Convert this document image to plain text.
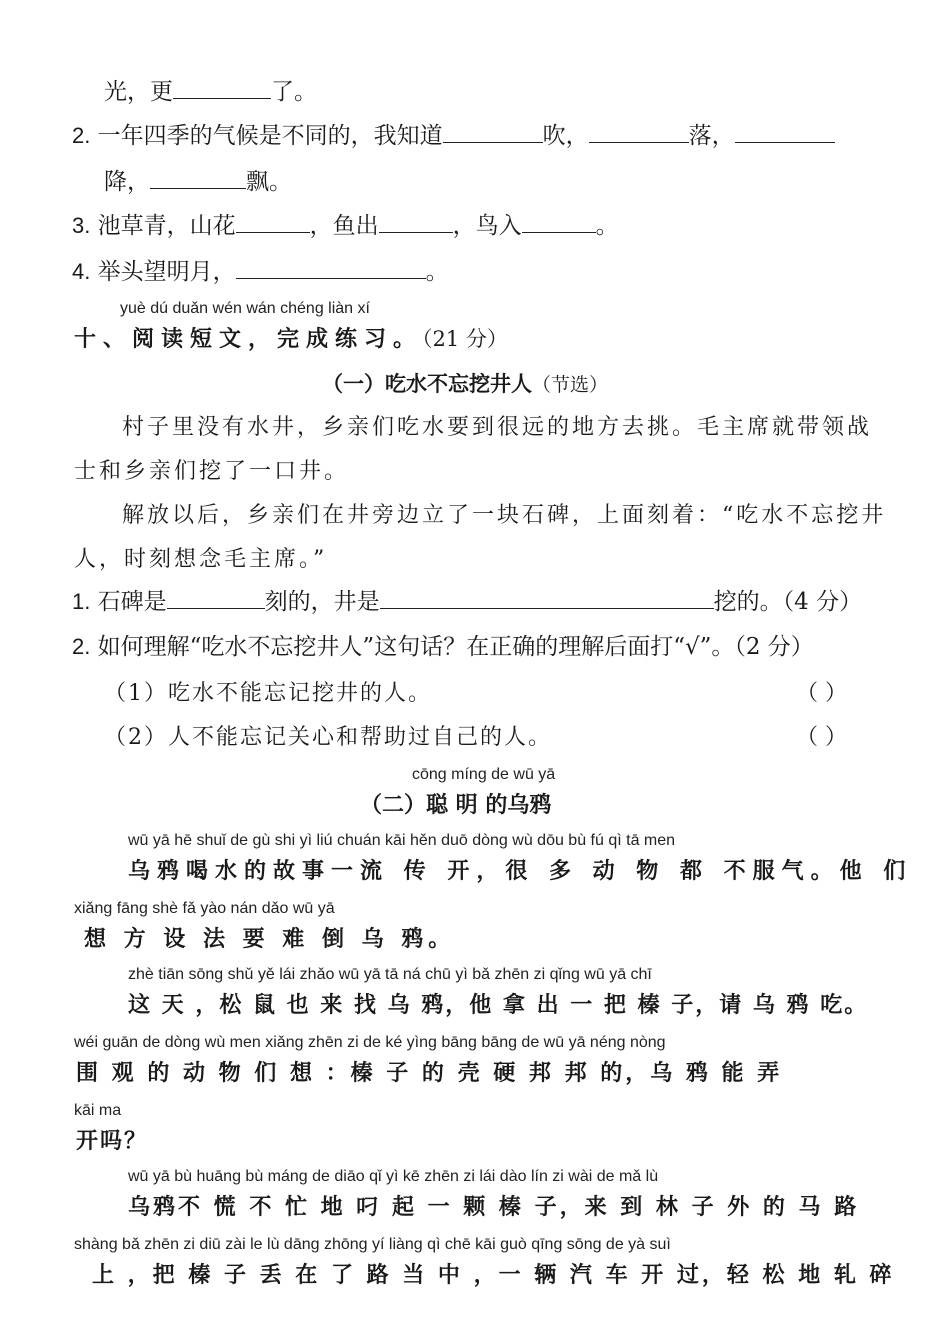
光，更	了。
2. 一年四季的气候是不同的，我知道	吹，	落，
降，	飘。
3. 池草青，山花	，鱼出	，鸟入	。
4. 举头望明月，	。
yuè dú duǎn wén wán chéng liàn xí
十、阅读短文，完成练习。（21 分）
（一）吃水不忘挖井人（节选）
村子里没有水井，乡亲们吃水要到很远的地方去挑。毛主席就带领战
士和乡亲们挖了一口井。
解放以后，乡亲们在井旁边立了一块石碑，上面刻着：“吃水不忘挖井
人，时刻想念毛主席。”
1. 石碑是	刻的，井是	挖的。（4 分）
2. 如何理解“吃水不忘挖井人”这句话？在正确的理解后面打“√”。（2 分）
（1）吃水不能忘记挖井的人。	（ ）
（2）人不能忘记关心和帮助过自己的人。	（ ）
cōng míng de wū yā
（二）聪 明 的乌鸦
wū yā hē shuǐ de gù shi yì liú chuán kāi hěn duō dòng wù dōu bù fú qì tā men
乌鸦喝水的故事一流 传 开，很 多 动 物 都 不服气。他 们
xiǎng fāng shè fǎ yào nán dǎo wū yā
想 方 设 法 要 难 倒 乌 鸦。
zhè tiān sōng shǔ yě lái zhǎo wū yā tā ná chū yì bǎ zhēn zi qǐng wū yā chī
这 天 ，松 鼠 也 来 找 乌 鸦，他 拿 出 一 把 榛 子，请 乌 鸦 吃。
wéi guān de dòng wù men xiǎng zhēn zi de ké yìng bāng bāng de wū yā néng nòng
围 观 的 动 物 们 想 ：榛 子 的 壳 硬 邦 邦 的，乌 鸦 能 弄
kāi ma
开吗？
wū yā bù huāng bù máng de diāo qǐ yì kē zhēn zi lái dào lín zi wài de mǎ lù
乌鸦不 慌 不 忙 地 叼 起 一 颗 榛 子，来 到 林 子 外 的 马 路
shàng bǎ zhēn zi diū zài le lù dāng zhōng yí liàng qì chē kāi guò qīng sōng de yà suì
上 ，把 榛 子 丢 在 了 路 当 中 ，一 辆 汽 车 开 过，轻 松 地 轧 碎
